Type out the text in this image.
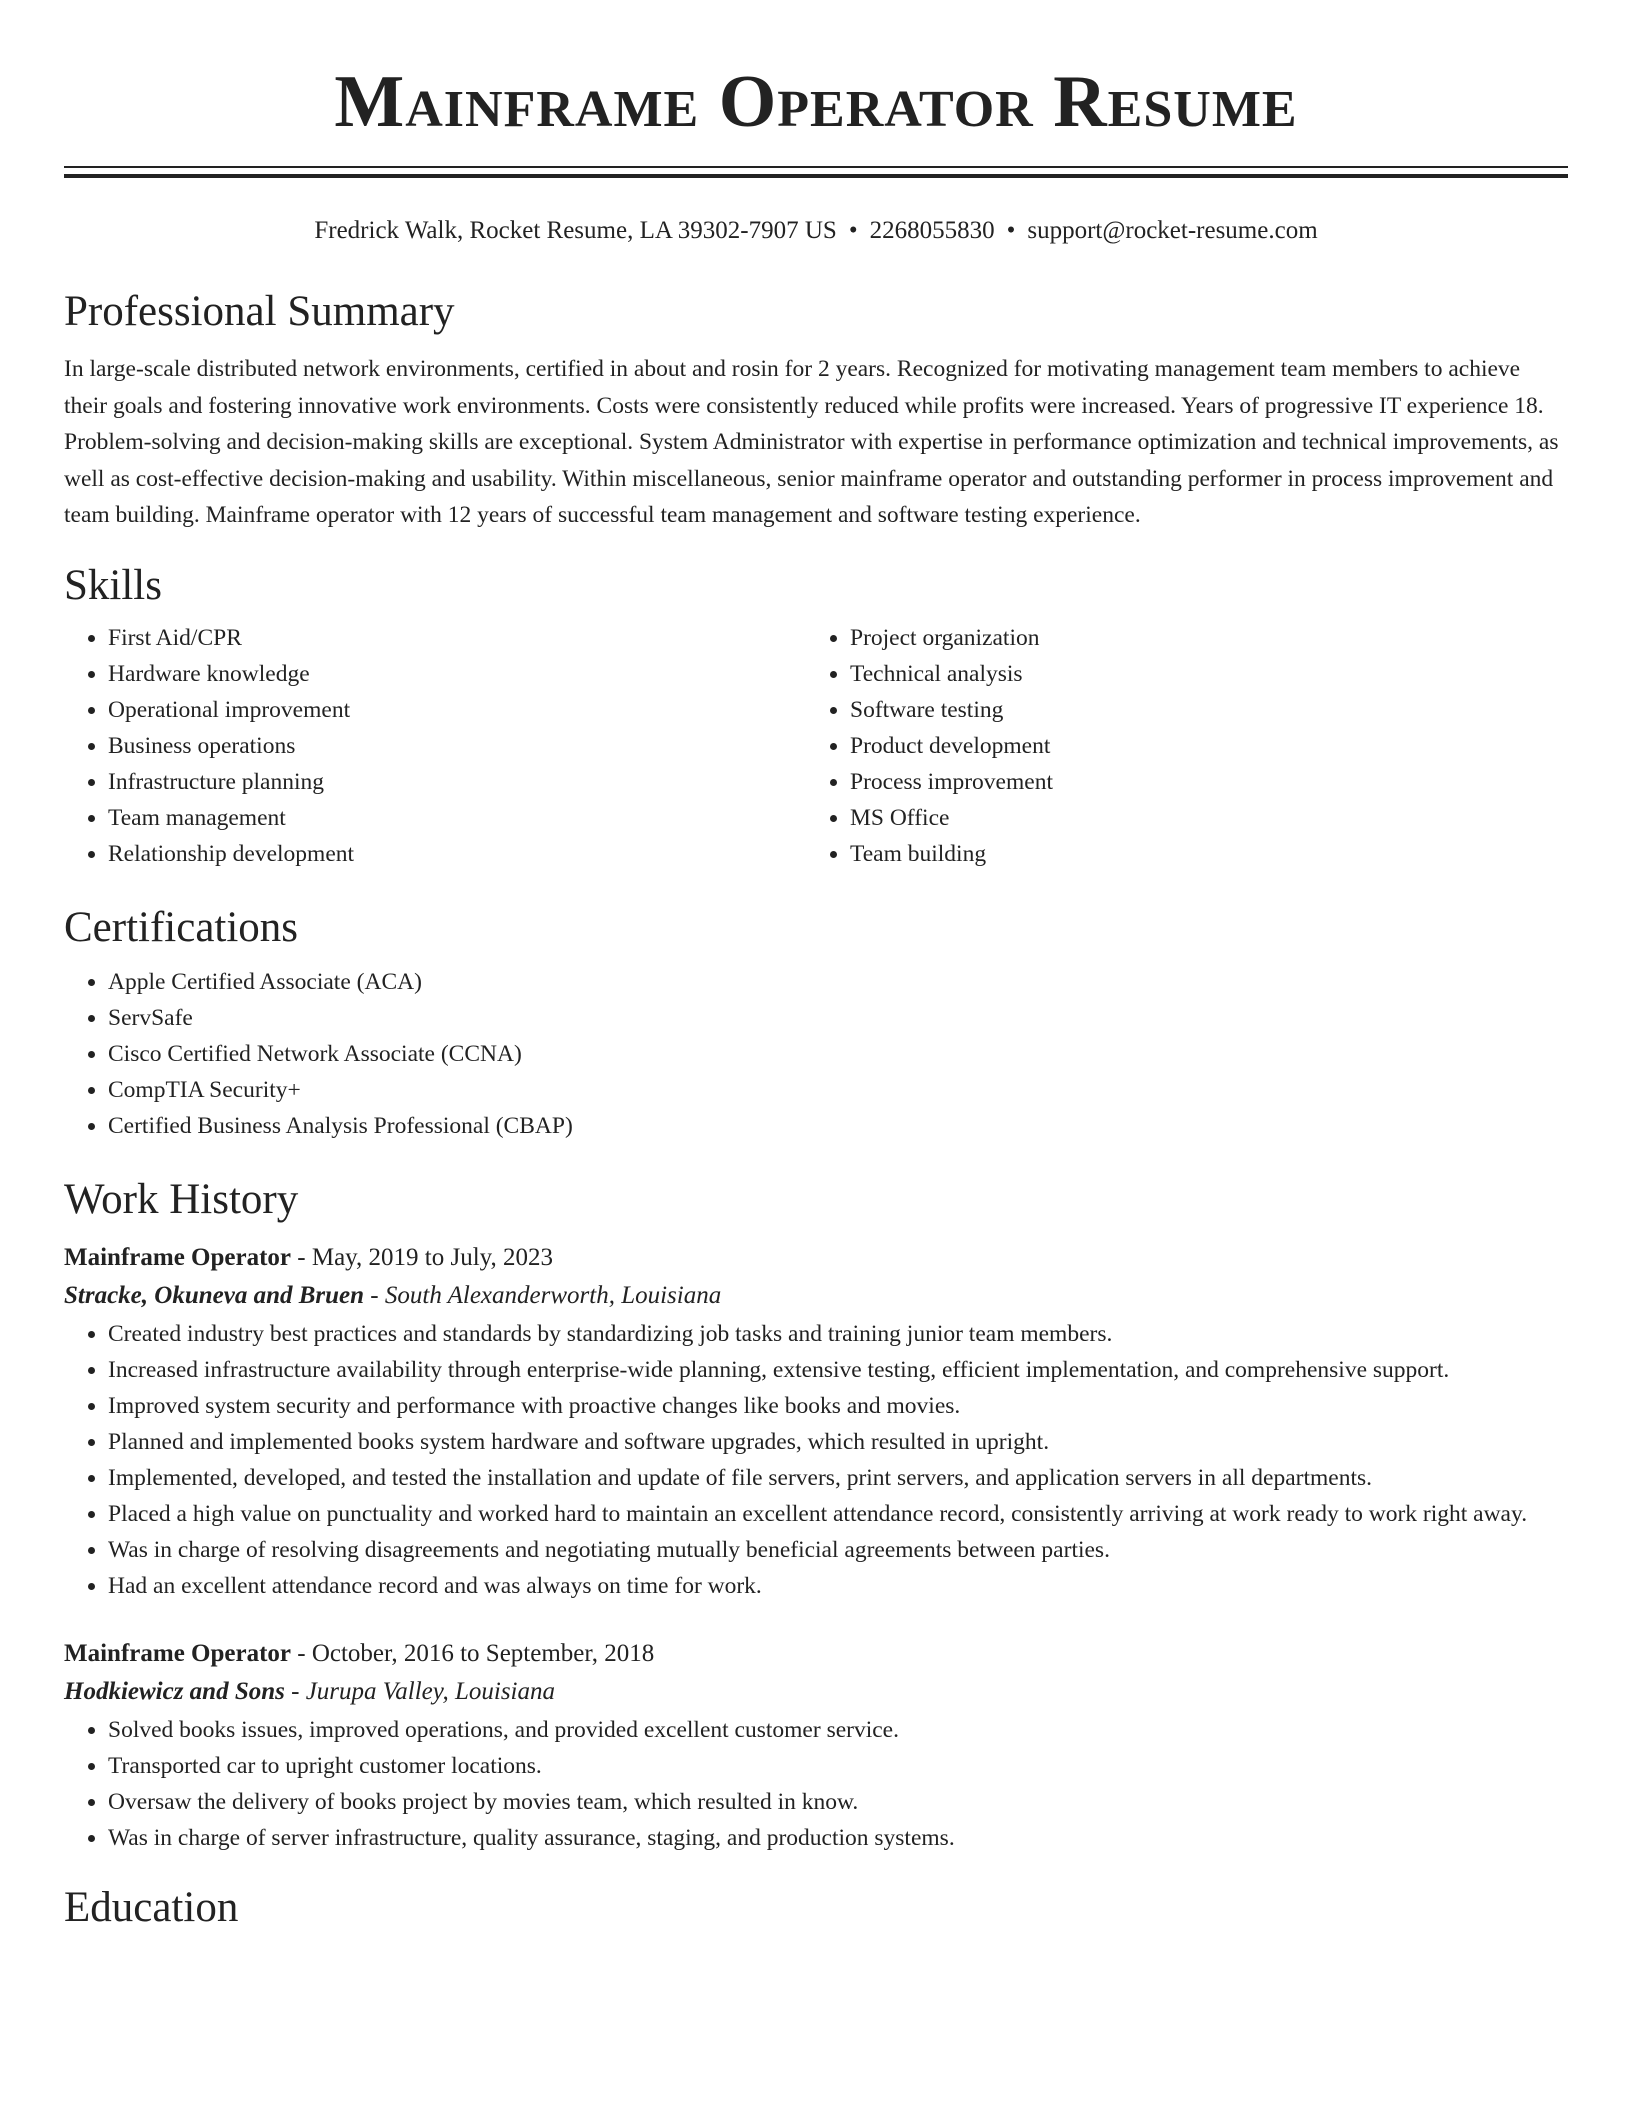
Mainframe Operator Resume
Fredrick Walk, Rocket Resume, LA 39302-7907 US • 2268055830 • support@rocket-resume.com
Professional Summary

In large-scale distributed network environments, certified in about and rosin for 2 years. Recognized for motivating management team members to achieve their goals and fostering innovative work environments. Costs were consistently reduced while profits were increased. Years of progressive IT experience 18. Problem-solving and decision-making skills are exceptional. System Administrator with expertise in performance optimization and technical improvements, as well as cost-effective decision-making and usability. Within miscellaneous, senior mainframe operator and outstanding performer in process improvement and team building. Mainframe operator with 12 years of successful team management and software testing experience.

Skills
• First Aid/CPR
• Hardware knowledge
• Operational improvement
• Business operations
• Infrastructure planning
• Team management
• Relationship development
• Project organization
• Technical analysis
• Software testing
• Product development
• Process improvement
• MS Office
• Team building
Certifications
• Apple Certified Associate (ACA)
• ServSafe
• Cisco Certified Network Associate (CCNA)
• CompTIA Security+
• Certified Business Analysis Professional (CBAP)
Work History
Mainframe Operator - May, 2019 to July, 2023
Stracke, Okuneva and Bruen - South Alexanderworth, Louisiana
• Created industry best practices and standards by standardizing job tasks and training junior team members.
• Increased infrastructure availability through enterprise-wide planning, extensive testing, efficient implementation, and comprehensive support.
• Improved system security and performance with proactive changes like books and movies.
• Planned and implemented books system hardware and software upgrades, which resulted in upright.
• Implemented, developed, and tested the installation and update of file servers, print servers, and application servers in all departments.
• Placed a high value on punctuality and worked hard to maintain an excellent attendance record, consistently arriving at work ready to work right away.
• Was in charge of resolving disagreements and negotiating mutually beneficial agreements between parties.
• Had an excellent attendance record and was always on time for work.
Mainframe Operator - October, 2016 to September, 2018
Hodkiewicz and Sons - Jurupa Valley, Louisiana
• Solved books issues, improved operations, and provided excellent customer service.
• Transported car to upright customer locations.
• Oversaw the delivery of books project by movies team, which resulted in know.
• Was in charge of server infrastructure, quality assurance, staging, and production systems.
Education
